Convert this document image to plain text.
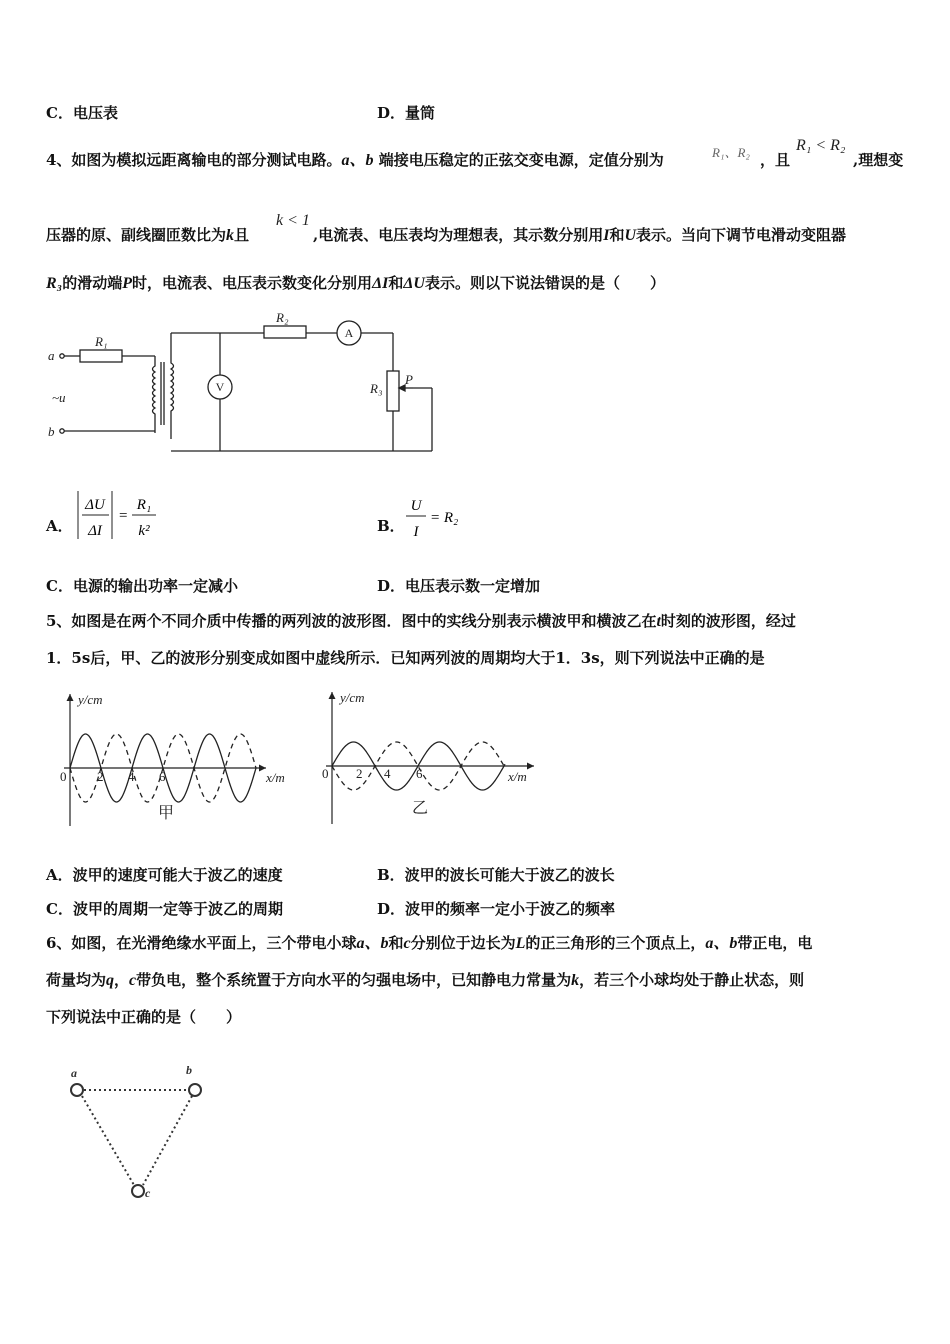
C．电压表	D．量筒
4、如图为模拟远距离输电的部分测试电路。a、b 端接电压稳定的正弦交变电源，定值分别为	R₁、R₂ ，且
R₁ < R₂
,理想变
压器的原、副线圈匝数比为k且
k < 1
,电流表、电压表均为理想表，其示数分别用I和U表示。当向下调节电滑动变阻器
R₃的滑动端P时，电流表、电压表示数变化分别用ΔI和ΔU表示。则以下说法错误的是（　　）
a
b
~u
R₁
R₂
R₃
P
A
V
A．
ΔU
ΔI
=
R₁
k²	B．
U
I
= R₂
C．电源的输出功率一定减小	D．电压表示数一定增加
5、如图是在两个不同介质中传播的两列波的波形图．图中的实线分别表示横波甲和横波乙在t时刻的波形图，经过
1．5s后，甲、乙的波形分别变成如图中虚线所示．已知两列波的周期均大于1．3s，则下列说法中正确的是
y/cm
x/m
0 2 4 6
甲
y/cm
x/m
0 2 4 6
乙
A．波甲的速度可能大于波乙的速度	B．波甲的波长可能大于波乙的波长
C．波甲的周期一定等于波乙的周期	D．波甲的频率一定小于波乙的频率
6、如图，在光滑绝缘水平面上，三个带电小球a、b和c分别位于边长为L的正三角形的三个顶点上，a、b带正电，电
荷量均为q，c带负电，整个系统置于方向水平的匀强电场中，已知静电力常量为k，若三个小球均处于静止状态，则
下列说法中正确的是（　　）
a	b
c
